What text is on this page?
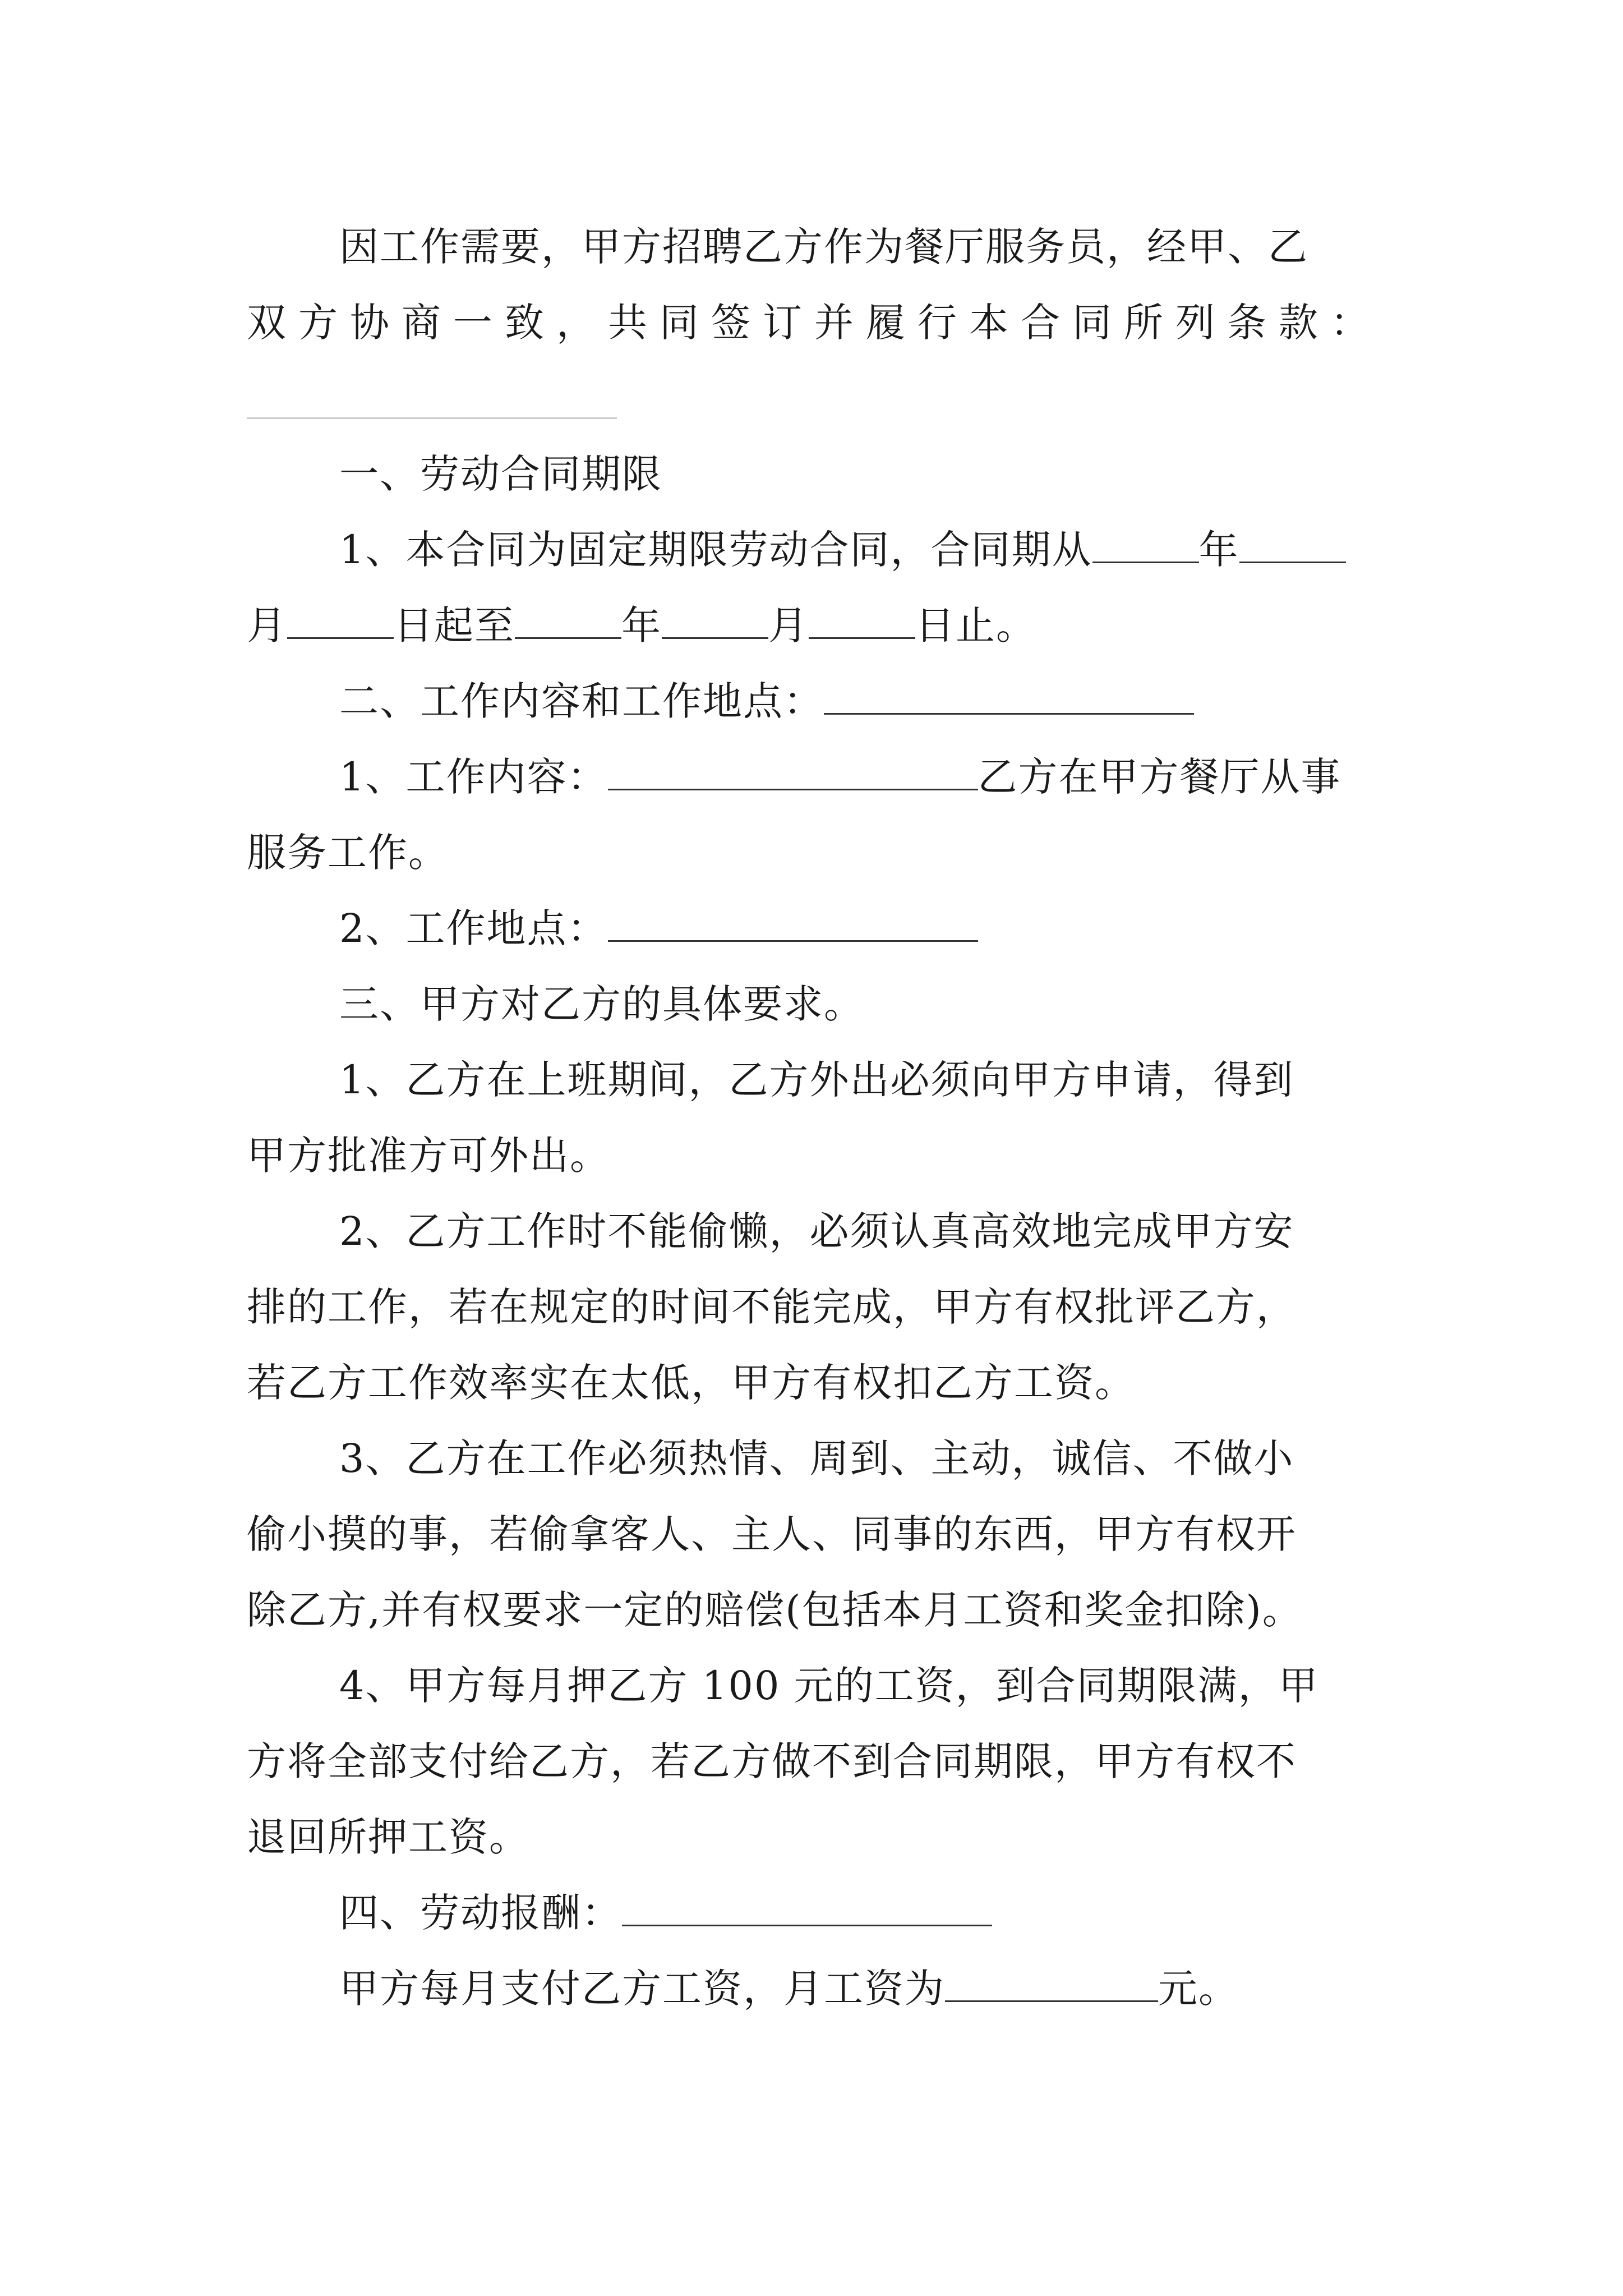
因工作需要，甲方招聘乙方作为餐厅服务员，经甲、乙
双方协商一致，共同签订并履行本合同所列条款：
一、劳动合同期限
1、本合同为固定期限劳动合同，合同期从	年
月	日起至	年	月	日止。
二、工作内容和工作地点：
1、工作内容：	乙方在甲方餐厅从事
服务工作。
2、工作地点：
三、甲方对乙方的具体要求。
1、乙方在上班期间，乙方外出必须向甲方申请，得到
甲方批准方可外出。
2、乙方工作时不能偷懒，必须认真高效地完成甲方安
排的工作，若在规定的时间不能完成，甲方有权批评乙方，
若乙方工作效率实在太低，甲方有权扣乙方工资。
3、乙方在工作必须热情、周到、主动，诚信、不做小
偷小摸的事，若偷拿客人、主人、同事的东西，甲方有权开
除乙方,并有权要求一定的赔偿(包括本月工资和奖金扣除)。
4、甲方每月押乙方 100 元的工资，到合同期限满，甲
方将全部支付给乙方，若乙方做不到合同期限，甲方有权不
退回所押工资。
四、劳动报酬：
甲方每月支付乙方工资，月工资为	元。
